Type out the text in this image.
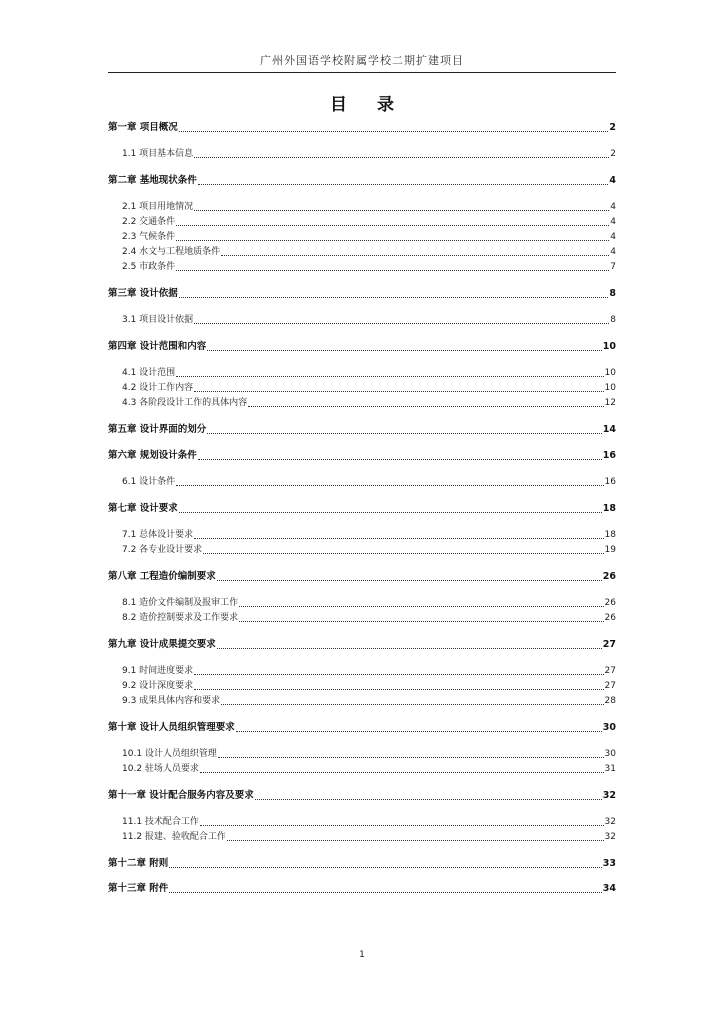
广州外国语学校附属学校二期扩建项目
目 录
第一章 项目概况	2
1.1 项目基本信息	2
第二章 基地现状条件	4
2.1 项目用地情况	4
2.2 交通条件	4
2.3 气候条件	4
2.4 水文与工程地质条件	4
2.5 市政条件	7
第三章 设计依据	8
3.1 项目设计依据	8
第四章 设计范围和内容	10
4.1 设计范围	10
4.2 设计工作内容	10
4.3 各阶段设计工作的具体内容	12
第五章 设计界面的划分	14
第六章 规划设计条件	16
6.1 设计条件	16
第七章 设计要求	18
7.1 总体设计要求	18
7.2 各专业设计要求	19
第八章 工程造价编制要求	26
8.1 造价文件编制及报审工作	26
8.2 造价控制要求及工作要求	26
第九章 设计成果提交要求	27
9.1 时间进度要求	27
9.2 设计深度要求	27
9.3 成果具体内容和要求	28
第十章 设计人员组织管理要求	30
10.1 设计人员组织管理	30
10.2 驻场人员要求	31
第十一章 设计配合服务内容及要求	32
11.1 技术配合工作	32
11.2 报建、验收配合工作	32
第十二章 附则	33
第十三章 附件	34
1
